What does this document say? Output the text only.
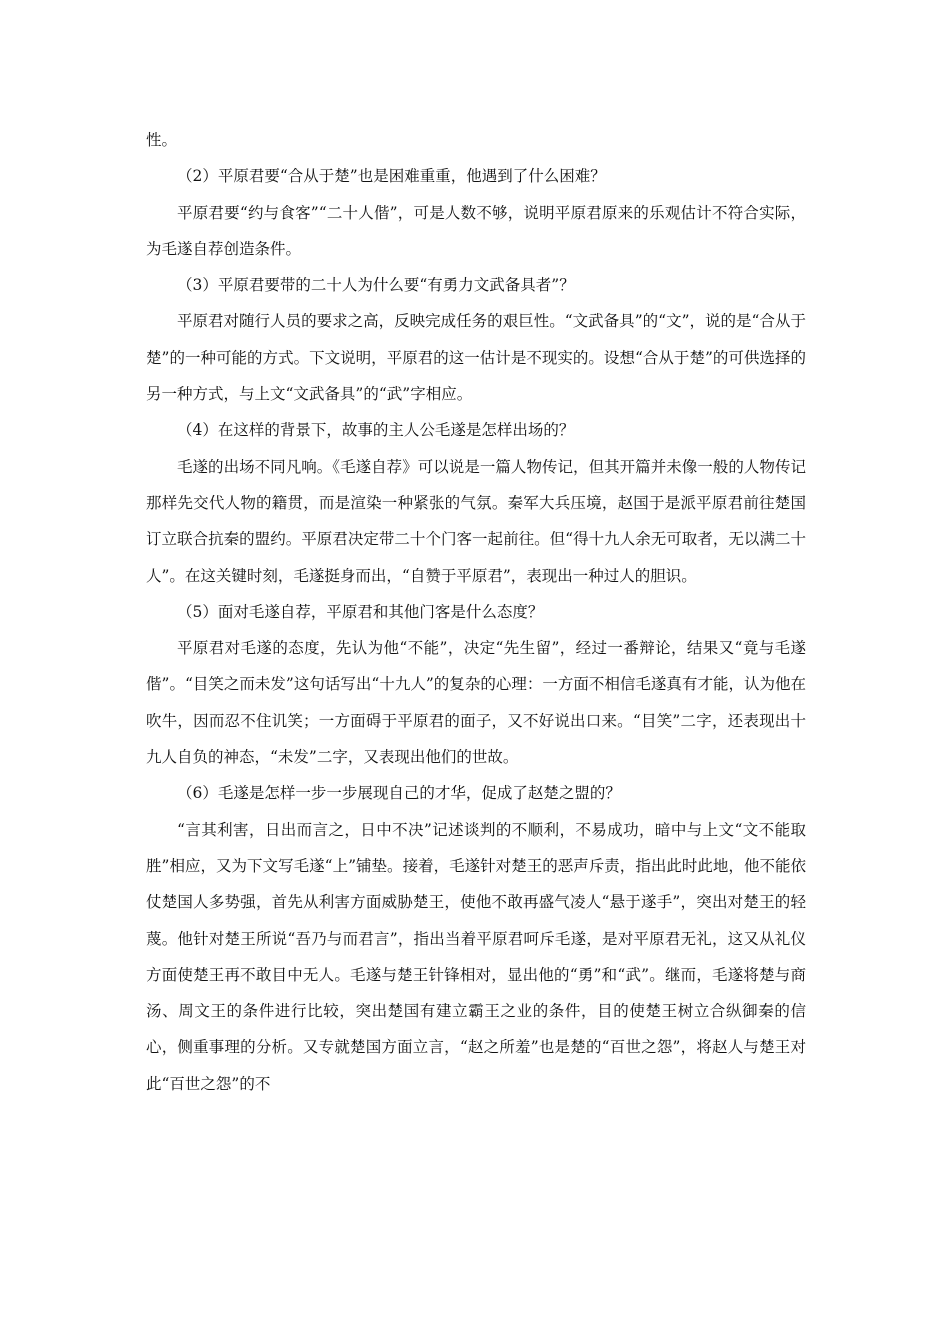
性。

（2）平原君要“合从于楚”也是困难重重，他遇到了什么困难？

平原君要“约与食客”“二十人偕”，可是人数不够，说明平原君原来的乐观估计不符合实际，为毛遂自荐创造条件。

（3）平原君要带的二十人为什么要“有勇力文武备具者”？

平原君对随行人员的要求之高，反映完成任务的艰巨性。“文武备具”的“文”，说的是“合从于楚”的一种可能的方式。下文说明，平原君的这一估计是不现实的。设想“合从于楚”的可供选择的另一种方式，与上文“文武备具”的“武”字相应。

（4）在这样的背景下，故事的主人公毛遂是怎样出场的？

毛遂的出场不同凡响。《毛遂自荐》可以说是一篇人物传记，但其开篇并未像一般的人物传记那样先交代人物的籍贯，而是渲染一种紧张的气氛。秦军大兵压境，赵国于是派平原君前往楚国订立联合抗秦的盟约。平原君决定带二十个门客一起前往。但“得十九人余无可取者，无以满二十人”。在这关键时刻，毛遂挺身而出，“自赞于平原君”，表现出一种过人的胆识。

（5）面对毛遂自荐，平原君和其他门客是什么态度？

平原君对毛遂的态度，先认为他“不能”，决定“先生留”，经过一番辩论，结果又“竟与毛遂偕”。“目笑之而未发”这句话写出“十九人”的复杂的心理：一方面不相信毛遂真有才能，认为他在吹牛，因而忍不住讥笑；一方面碍于平原君的面子，又不好说出口来。“目笑”二字，还表现出十九人自负的神态，“未发”二字，又表现出他们的世故。

（6）毛遂是怎样一步一步展现自己的才华，促成了赵楚之盟的？

“言其利害，日出而言之，日中不决”记述谈判的不顺利，不易成功，暗中与上文“文不能取胜”相应，又为下文写毛遂“上”铺垫。接着，毛遂针对楚王的恶声斥责，指出此时此地，他不能依仗楚国人多势强，首先从利害方面威胁楚王，使他不敢再盛气凌人“悬于遂手”，突出对楚王的轻蔑。他针对楚王所说“吾乃与而君言”，指出当着平原君呵斥毛遂，是对平原君无礼，这又从礼仪方面使楚王再不敢目中无人。毛遂与楚王针锋相对，显出他的“勇”和“武”。继而，毛遂将楚与商汤、周文王的条件进行比较，突出楚国有建立霸王之业的条件，目的使楚王树立合纵御秦的信心，侧重事理的分析。又专就楚国方面立言，“赵之所羞”也是楚的“百世之怨”，将赵人与楚王对此“百世之怨”的不
